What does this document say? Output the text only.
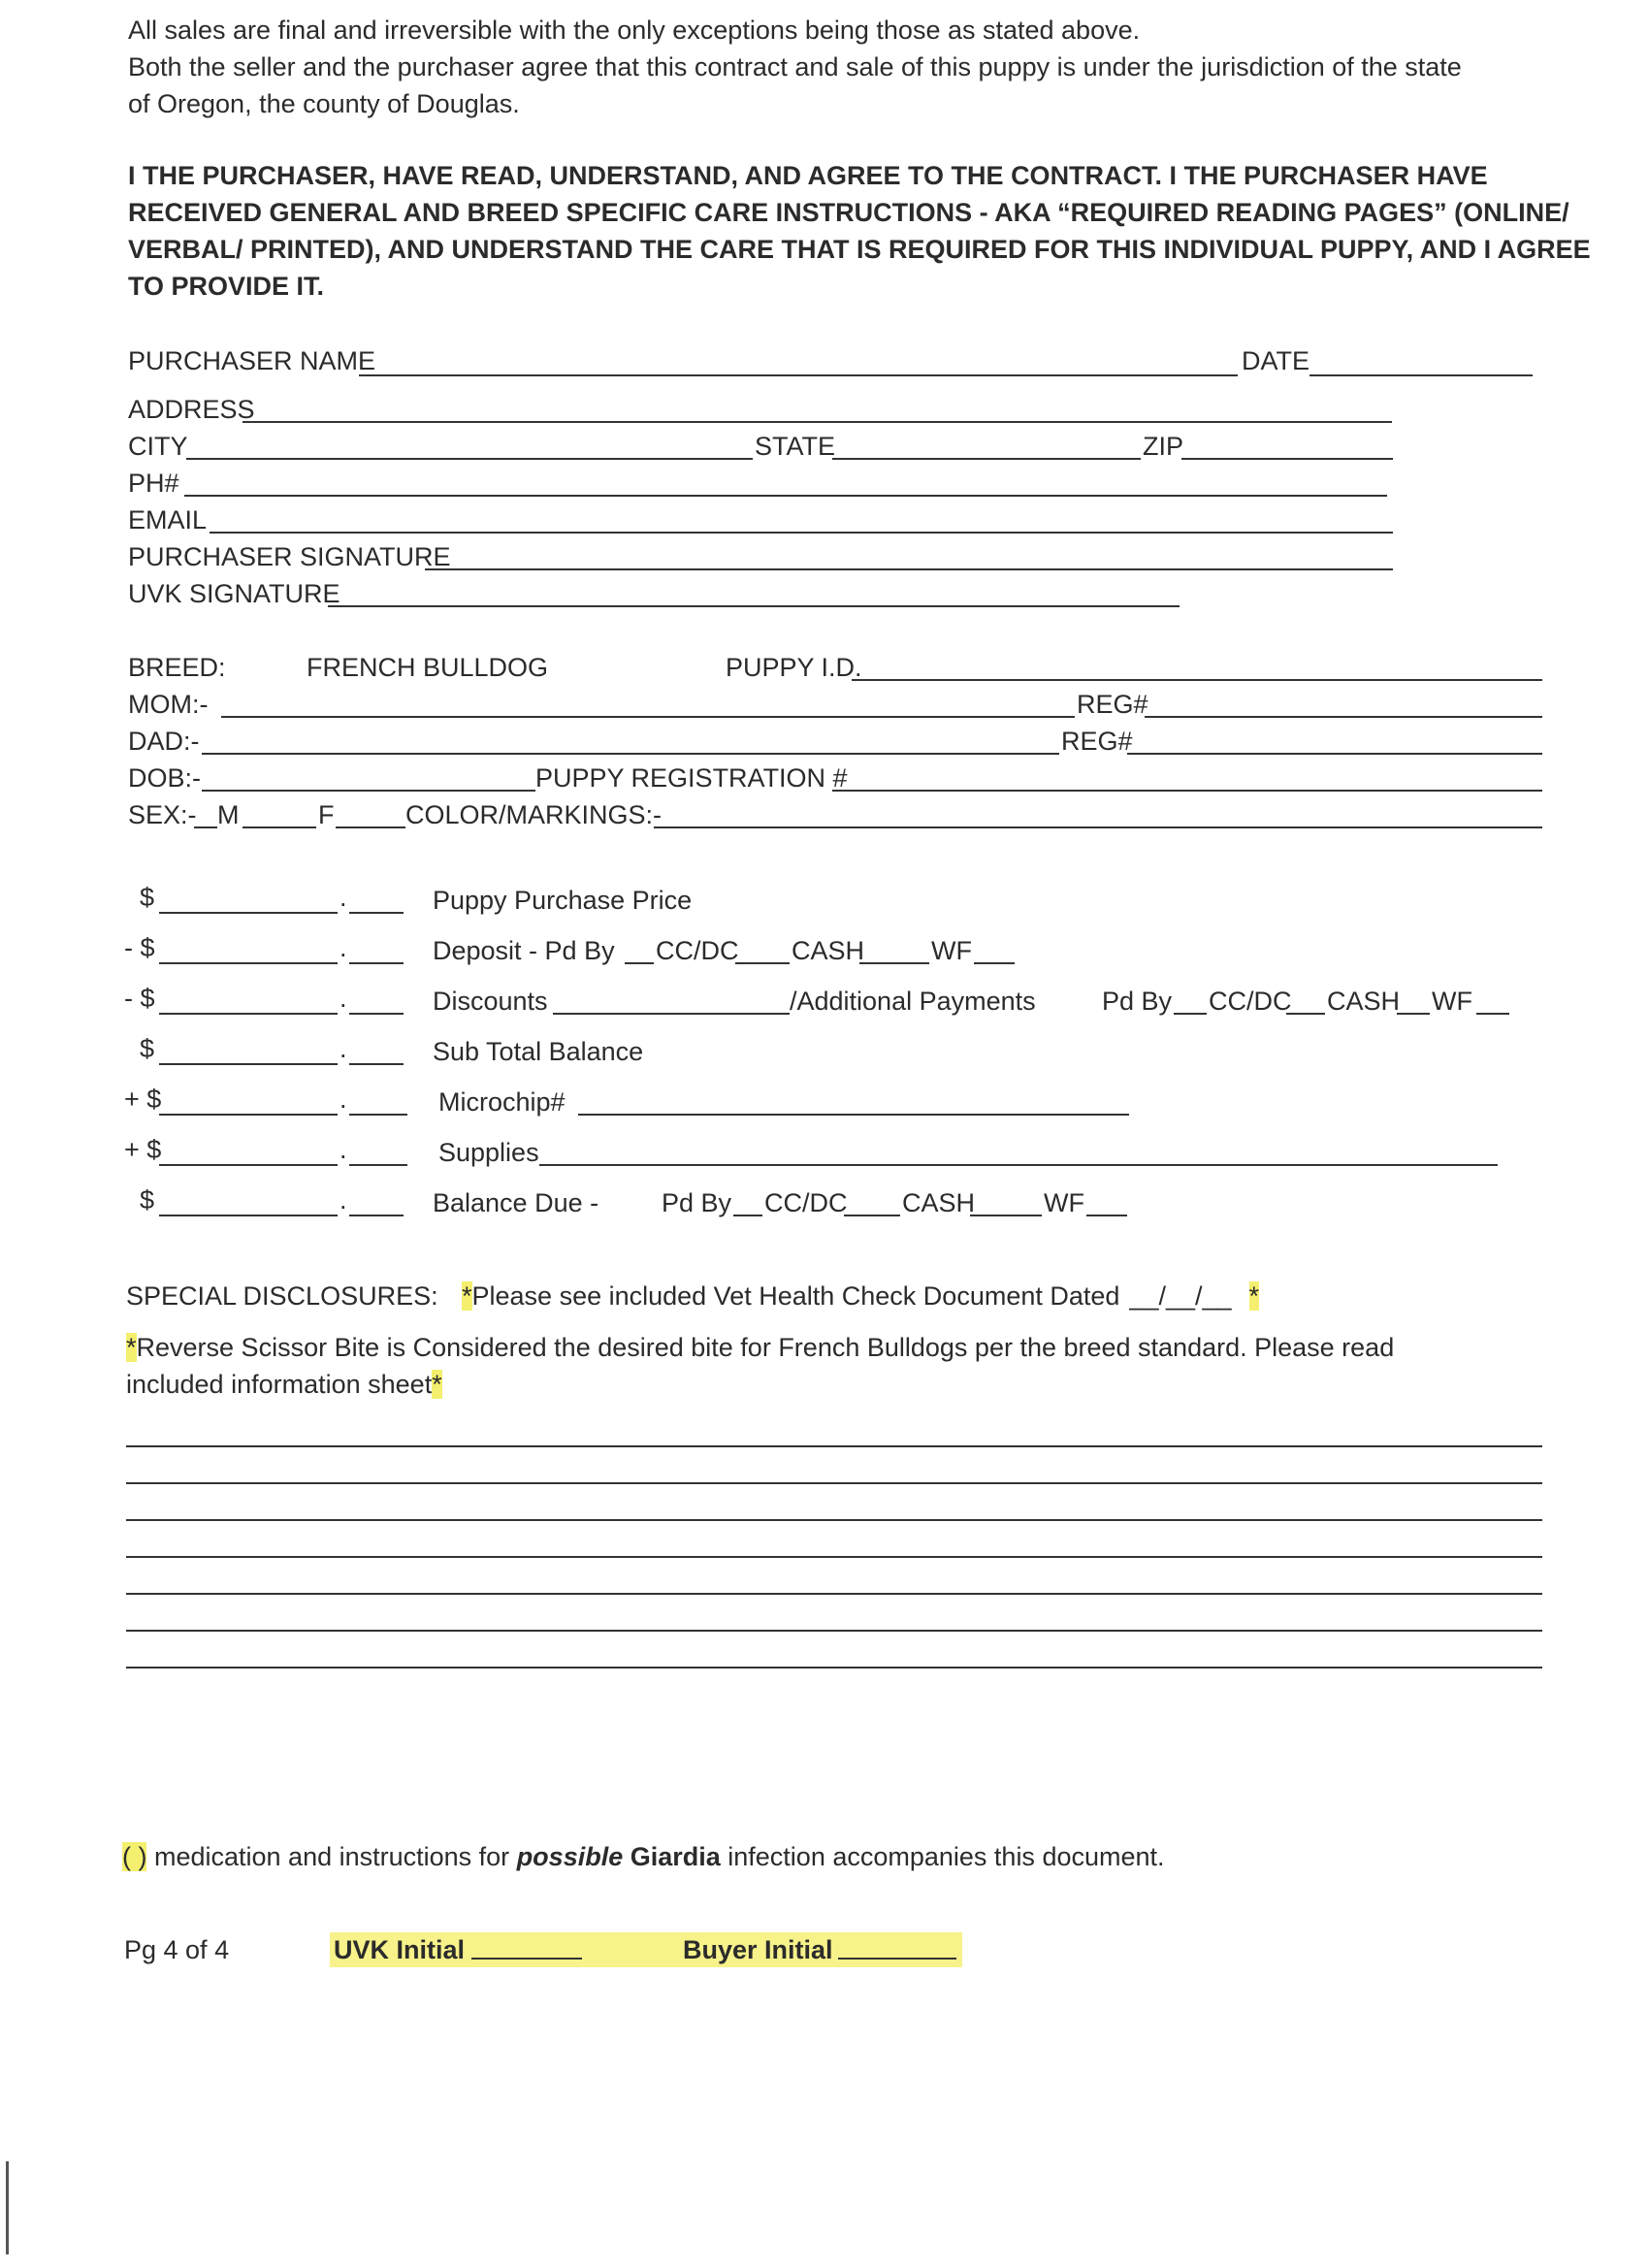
All sales are final and irreversible with the only exceptions being those as stated above.
Both the seller and the purchaser agree that this contract and sale of this puppy is under the jurisdiction of the state
of Oregon, the county of Douglas.
I THE PURCHASER, HAVE READ, UNDERSTAND, AND AGREE TO THE CONTRACT. I THE PURCHASER HAVE
RECEIVED GENERAL AND BREED SPECIFIC CARE INSTRUCTIONS - AKA “REQUIRED READING PAGES” (ONLINE/
VERBAL/ PRINTED), AND UNDERSTAND THE CARE THAT IS REQUIRED FOR THIS INDIVIDUAL PUPPY, AND I AGREE
TO PROVIDE IT.
PURCHASER NAME	DATE
ADDRESS
CITY	STATE	ZIP
PH#
EMAIL
PURCHASER SIGNATURE
UVK SIGNATURE
BREED:	FRENCH BULLDOG	PUPPY I.D.
MOM:-	REG#
DAD:-	REG#
DOB:-	PUPPY REGISTRATION #
SEX:- M	F	COLOR/MARKINGS:-
$	.	Puppy Purchase Price
- $	.	Deposit - Pd By CC/DC CASH	WF
- $	.	Discounts	/Additional Payments	Pd By CC/DC CASH WF
$	.	Sub Total Balance
+ $	.	Microchip#
+ $	.	Supplies
$	.	Balance Due - Pd By CC/DC CASH	WF
SPECIAL DISCLOSURES: *Please see included Vet Health Check Document Dated __/__/__ *
*Reverse Scissor Bite is Considered the desired bite for French Bulldogs per the breed standard. Please read
included information sheet*
( ) medication and instructions for possible Giardia infection accompanies this document.
Pg 4 of 4	UVK Initial	Buyer Initial
